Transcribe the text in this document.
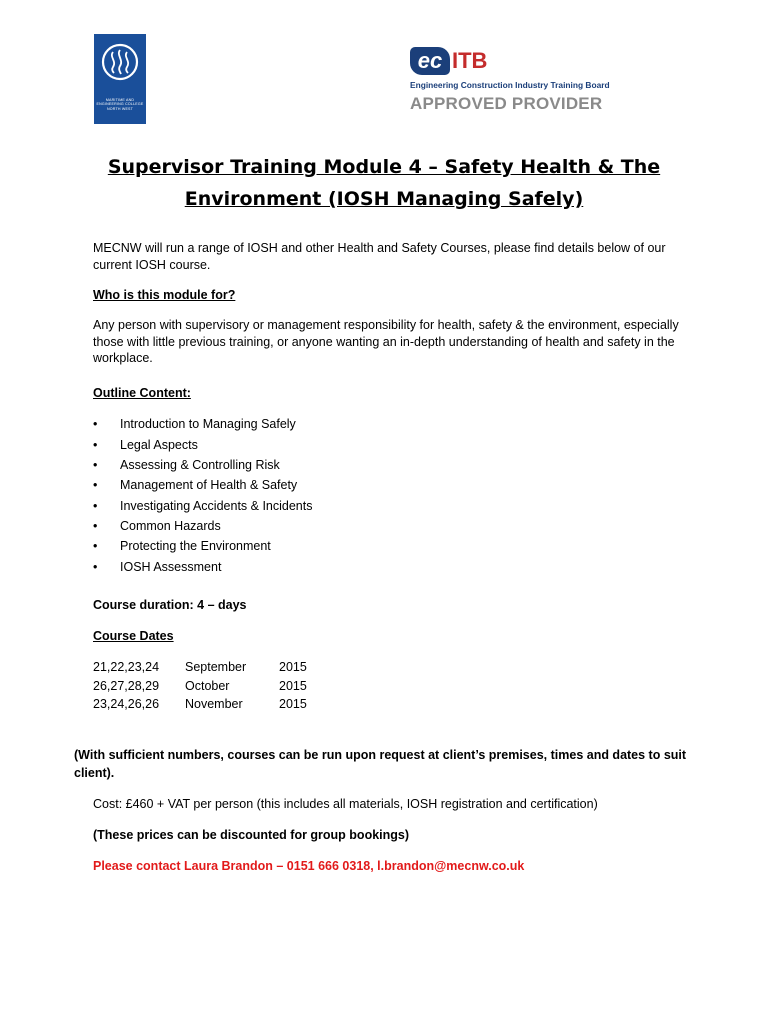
MARITIME AND ENGINEERING COLLEGE NORTH WEST
ec ITB
Engineering Construction Industry Training Board
APPROVED PROVIDER
Supervisor Training Module 4 – Safety Health & The Environment (IOSH Managing Safely)

MECNW will run a range of IOSH and other Health and Safety Courses, please find details below of our current IOSH course.

Who is this module for?

Any person with supervisory or management responsibility for health, safety & the environment, especially those with little previous training, or anyone wanting an in-depth understanding of health and safety in the workplace.

Outline Content:

• Introduction to Managing Safely
• Legal Aspects
• Assessing & Controlling Risk
• Management of Health & Safety
• Investigating Accidents & Incidents
• Common Hazards
• Protecting the Environment
• IOSH Assessment

Course duration: 4 – days

Course Dates

21,22,23,24 September	2015
26,27,28,29 October	2015
23,24,26,26 November	2015

(With sufficient numbers, courses can be run upon request at client’s premises, times and dates to suit client).

Cost: £460 + VAT per person (this includes all materials, IOSH registration and certification)

(These prices can be discounted for group bookings)

Please contact Laura Brandon – 0151 666 0318, l.brandon@mecnw.co.uk
